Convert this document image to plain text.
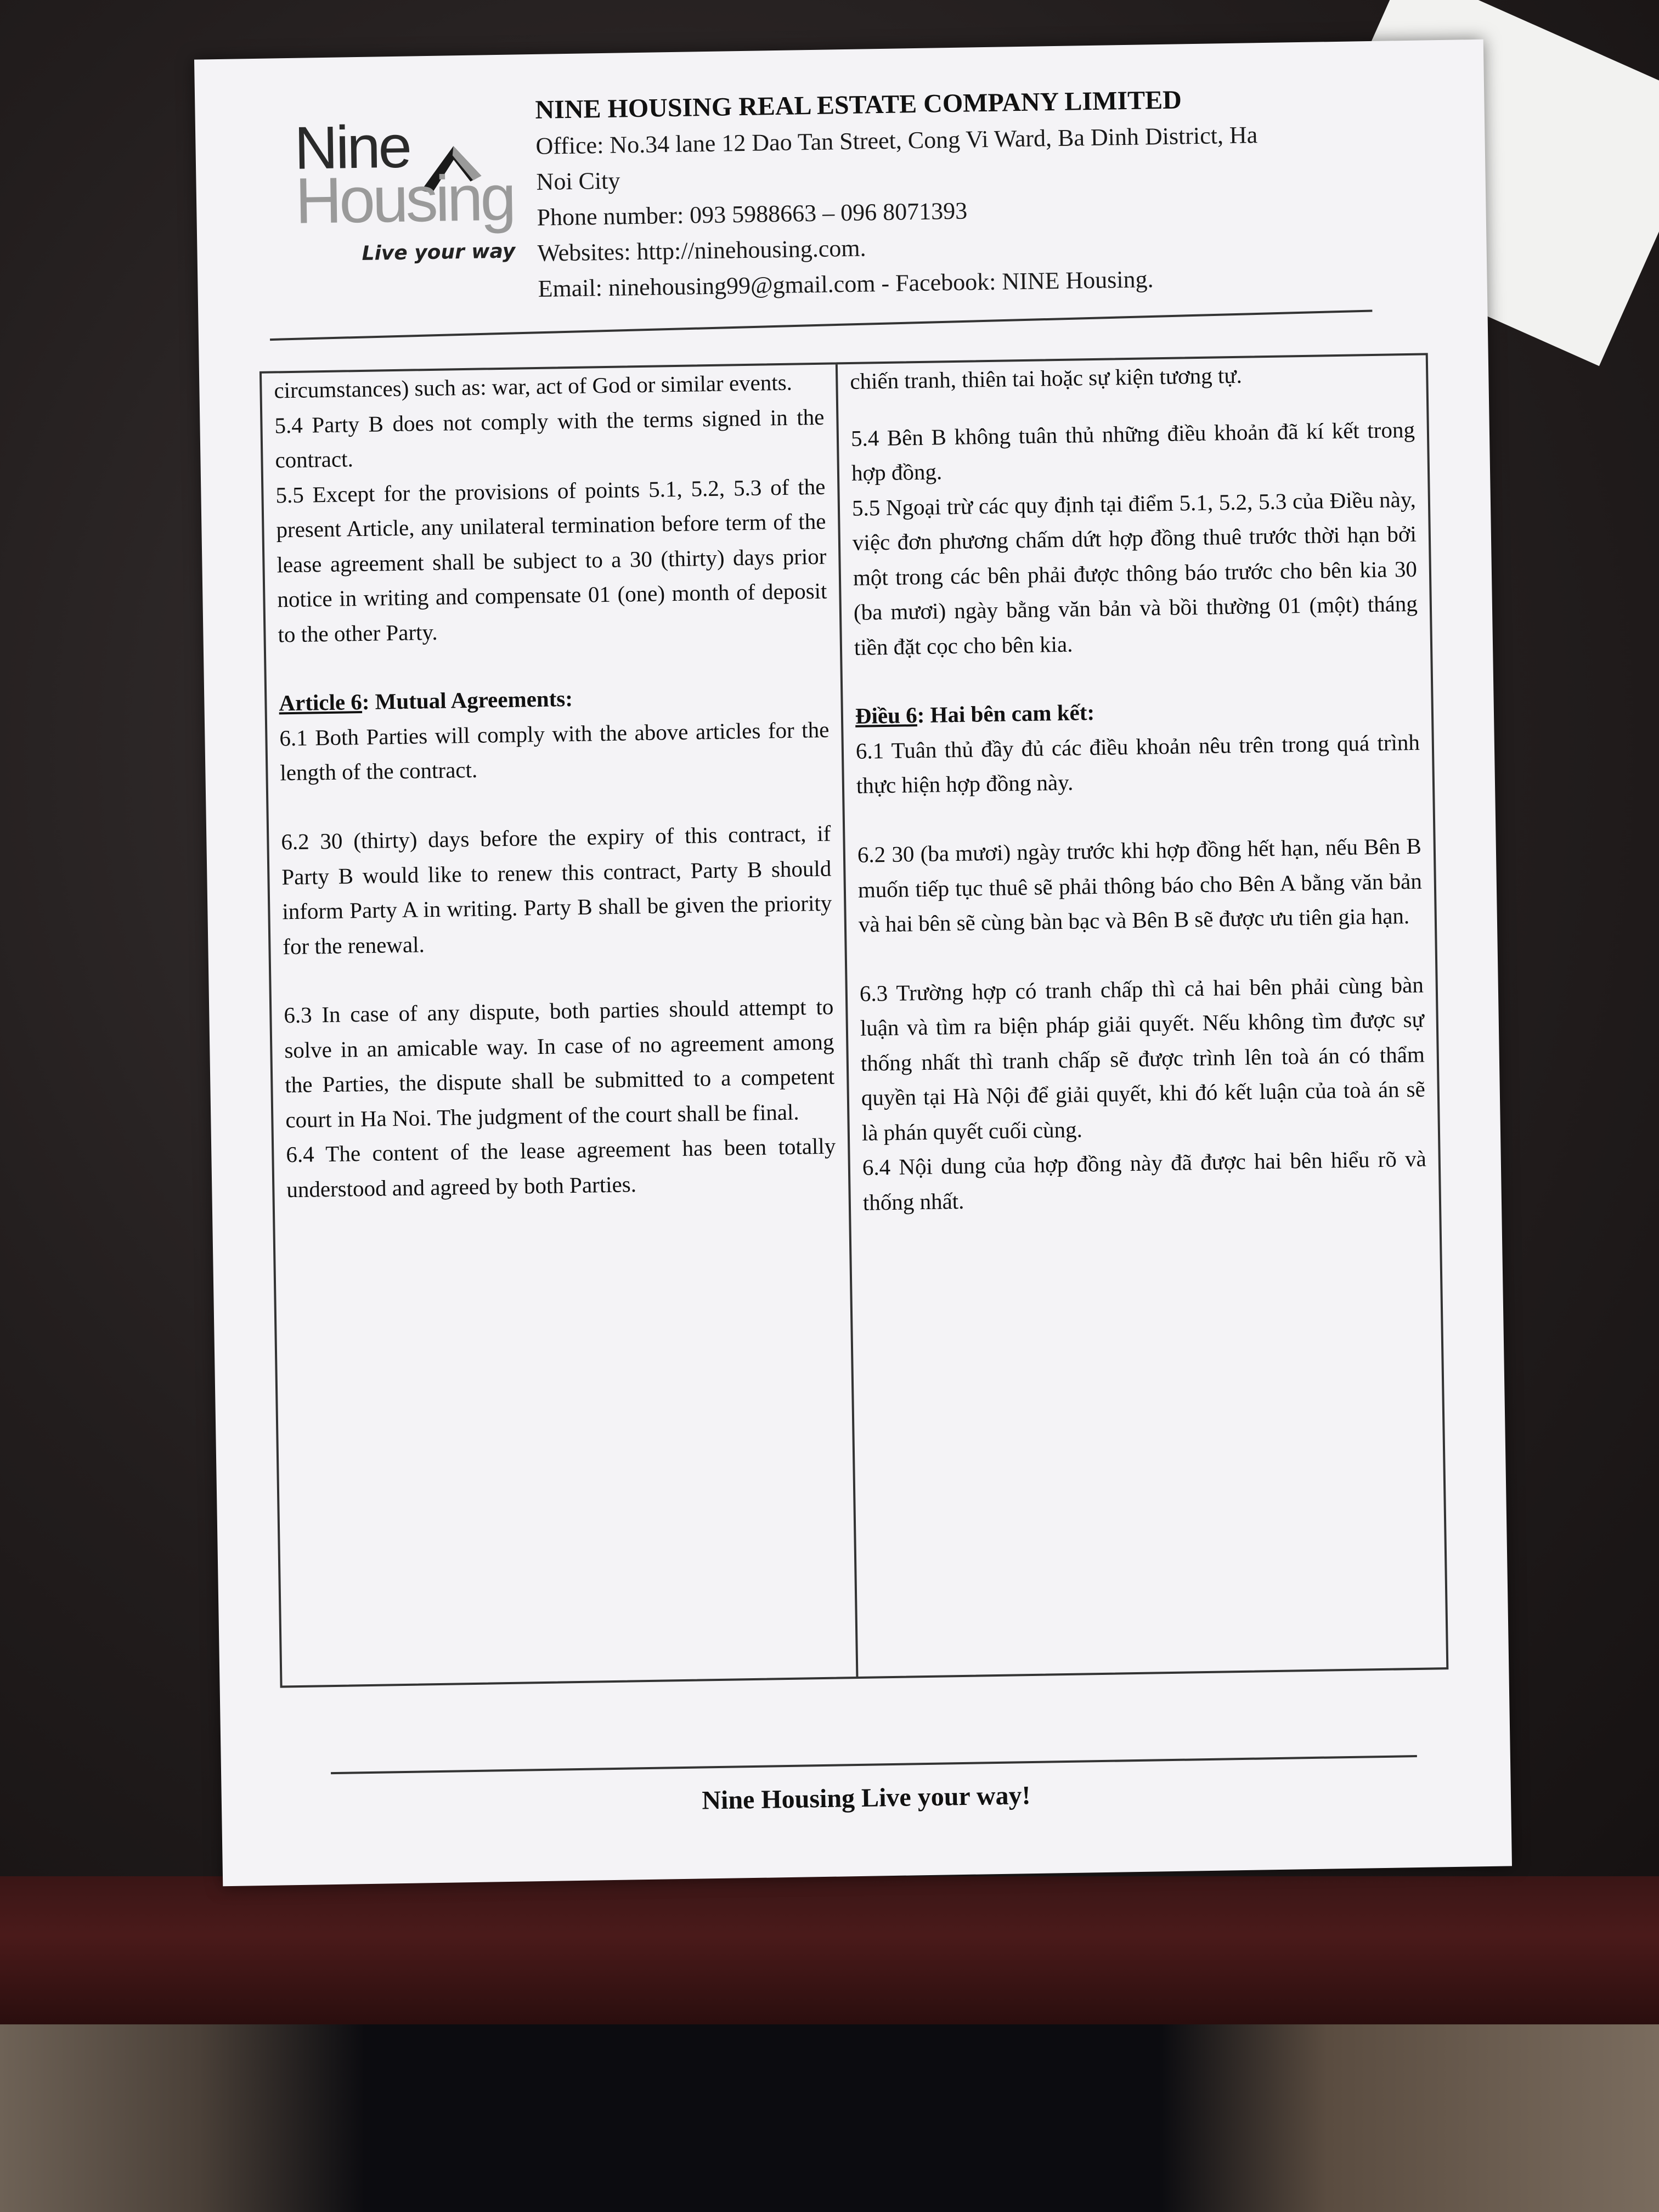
Nine
Housing
Live your way

NINE HOUSING REAL ESTATE COMPANY LIMITED

Office: No.34 lane 12 Dao Tan Street, Cong Vi Ward, Ba Dinh District, Ha

Noi City

Phone number: 093 5988663 – 096 8071393

Websites: http://ninehousing.com.

Email: ninehousing99@gmail.com - Facebook: NINE Housing.

circumstances) such as: war, act of God or similar events.

5.4 Party B does not comply with the terms signed in the contract.

5.5 Except for the provisions of points 5.1, 5.2, 5.3 of the present Article, any unilateral termination before term of the lease agreement shall be subject to a 30 (thirty) days prior notice in writing and compensate 01 (one) month of deposit to the other Party.

Article 6: Mutual Agreements:

6.1 Both Parties will comply with the above articles for the length of the contract.

6.2 30 (thirty) days before the expiry of this contract, if Party B would like to renew this contract, Party B should inform Party A in writing. Party B shall be given the priority for the renewal.

6.3 In case of any dispute, both parties should attempt to solve in an amicable way. In case of no agreement among the Parties, the dispute shall be submitted to a competent court in Ha Noi. The judgment of the court shall be final.

6.4 The content of the lease agreement has been totally understood and agreed by both Parties.

chiến tranh, thiên tai hoặc sự kiện tương tự.

5.4 Bên B không tuân thủ những điều khoản đã kí kết trong hợp đồng.

5.5 Ngoại trừ các quy định tại điểm 5.1, 5.2, 5.3 của Điều này, việc đơn phương chấm dứt hợp đồng thuê trước thời hạn bởi một trong các bên phải được thông báo trước cho bên kia 30 (ba mươi) ngày bằng văn bản và bồi thường 01 (một) tháng tiền đặt cọc cho bên kia.

Điều 6: Hai bên cam kết:

6.1 Tuân thủ đầy đủ các điều khoản nêu trên trong quá trình thực hiện hợp đồng này.

6.2 30 (ba mươi) ngày trước khi hợp đồng hết hạn, nếu Bên B muốn tiếp tục thuê sẽ phải thông báo cho Bên A bằng văn bản và hai bên sẽ cùng bàn bạc và Bên B sẽ được ưu tiên gia hạn.

6.3 Trường hợp có tranh chấp thì cả hai bên phải cùng bàn luận và tìm ra biện pháp giải quyết. Nếu không tìm được sự thống nhất thì tranh chấp sẽ được trình lên toà án có thẩm quyền tại Hà Nội để giải quyết, khi đó kết luận của toà án sẽ là phán quyết cuối cùng.

6.4 Nội dung của hợp đồng này đã được hai bên hiểu rõ và thống nhất.

Nine Housing Live your way!
